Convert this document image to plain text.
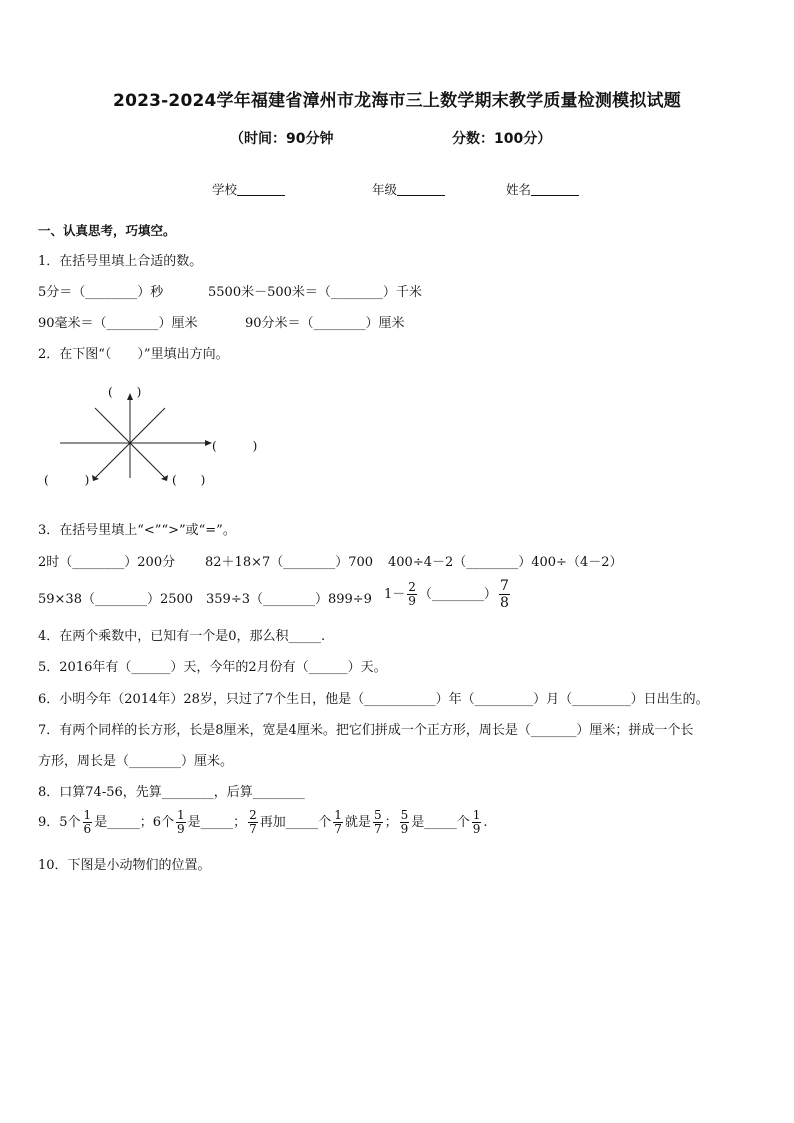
2023-2024学年福建省漳州市龙海市三上数学期末教学质量检测模拟试题
（时间：90分钟	分数：100分）
学校	年级	姓名
一、认真思考，巧填空。
1．在括号里填上合适的数。
5分＝（________）秒	5500米－500米＝（________）千米
90毫米＝（________）厘米	90分米＝（________）厘米
2．在下图“（　　）”里填出方向。
(　　)
(　　　)
(　　　)	(　　)
3．在括号里填上“<”“>”或“=”。
2时（________）200分 82＋18×7（________）700 400÷4－2（________）400÷（4－2）
59×38（________）2500 359÷3（________）899÷9 $1- \frac{2}{9}$ （________） $\frac{7}{8}$
4．在两个乘数中，已知有一个是0，那么积_____.
5．2016年有（______）天，今年的2月份有（______）天。
6．小明今年（2014年）28岁，只过了7个生日，他是（___________）年（_________）月（_________）日出生的。
7．有两个同样的长方形，长是8厘米，宽是4厘米。把它们拼成一个正方形，周长是（_______）厘米；拼成一个长
方形，周长是（________）厘米。
8．口算74-56，先算________，后算________
9．5个 $\frac{1}{6}$ 是_____；6个 $\frac{1}{9}$ 是_____； $\frac{2}{7}$ 再加_____个 $\frac{1}{7}$ 就是 $\frac{5}{7}$ ； $\frac{5}{9}$ 是_____个 $\frac{1}{9}$ .
10．下图是小动物们的位置。
